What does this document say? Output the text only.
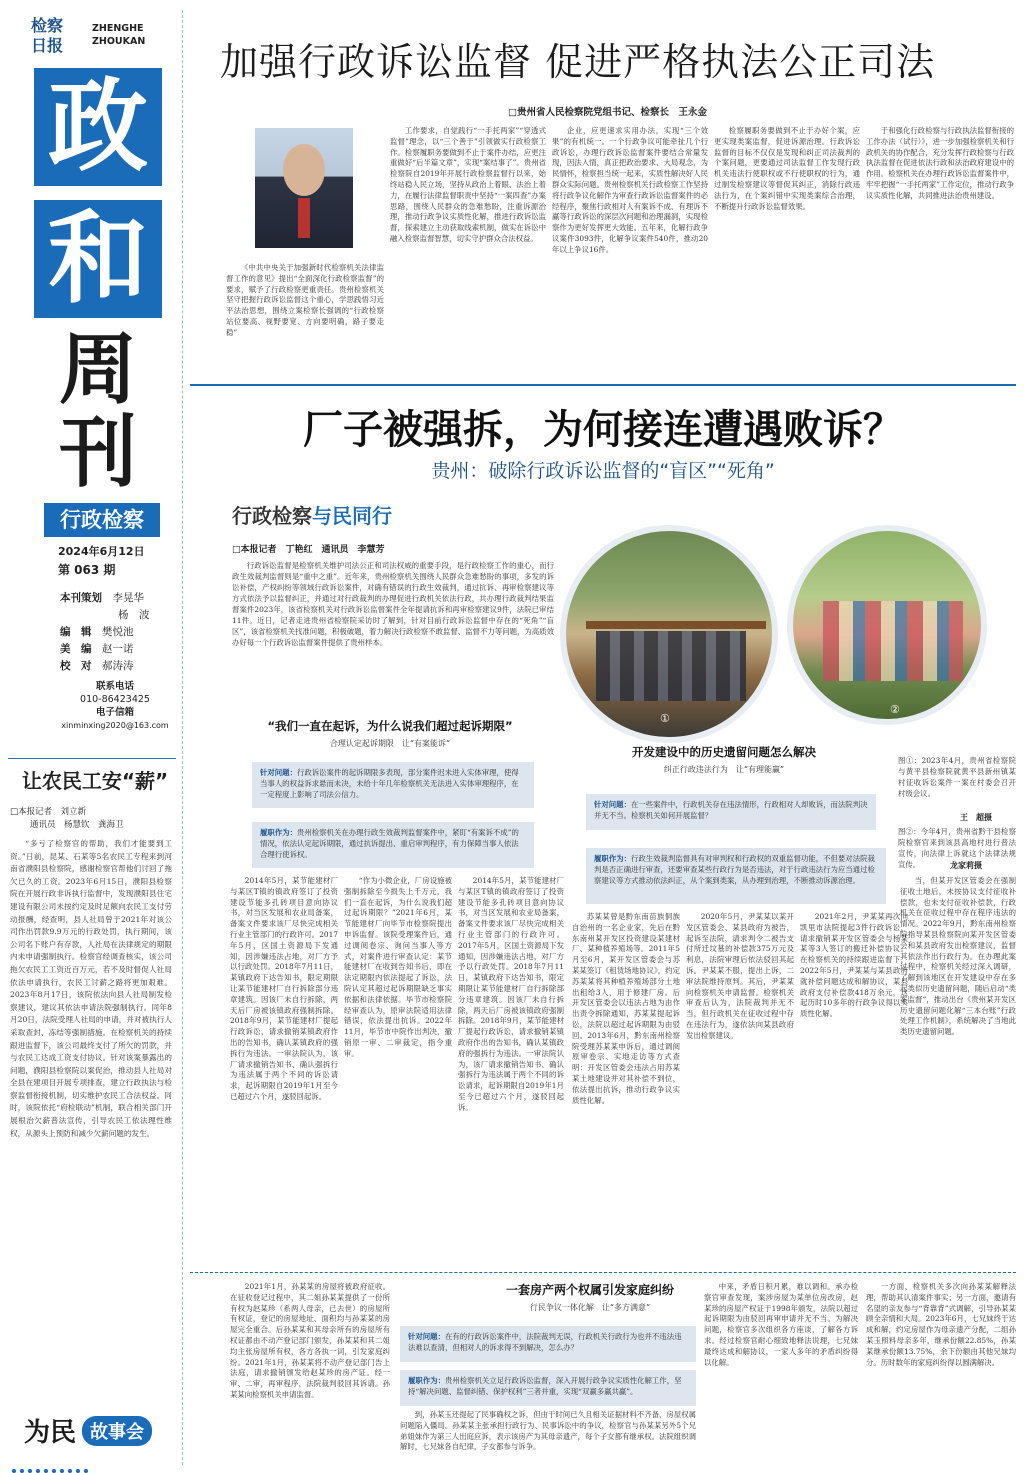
检察日报
ZHENGHE
ZHOUKAN
政
和
周
刊
行政检察
2024年6月12日
第 063 期
本刊策划　 李晃华
杨　波
编　辑　 樊悦池
美　编　 赵一诺
校　对　 郝涛涛
联系电话
010-86423425
电子信箱
xinminxing2020@163.com
让农民工安“薪”
□本报记者　刘立新
通讯员　杨慧钦　龚海卫

“多亏了检察官的帮助，我们才能要到工资。”日前，昆某、石某等5名农民工专程来到河南省濮阳县检察院，感谢检察官帮他们讨回了拖欠已久的工资。2023年6月15日，濮阳县检察院在开展行政非诉执行监督中，发现濮阳县住宅建设有限公司未按约定及时足额向农民工支付劳动报酬，经查明，县人社局曾于2021年对该公司作出罚款9.9万元的行政处罚，执行期间，该公司名下账户有存款，人社局在法律规定的期限内未申请强制执行。检察官经调查核实，该公司拖欠农民工工资近百万元，若不及时督促人社局依法申请执行，农民工讨薪之路将更加艰难。2023年8月17日，该院依法向县人社局制发检察建议，建议其依法申请法院强制执行。同年8月20日，法院受理人社局的申请，并对被执行人采取查封、冻结等强制措施。在检察机关的持续跟进监督下，该公司最终支付了所欠的罚款，并与农民工达成工资支付协议。针对该案暴露出的问题，濮阳县检察院以案促治，推动县人社局对全县在建项目开展专项排查，建立行政执法与检察监督衔接机制，切实维护农民工合法权益。同时，该院依托“府检联动”机制，联合相关部门开展根治欠薪普法宣传，引导农民工依法理性维权，从源头上预防和减少欠薪问题的发生。

为民 故事会
加强行政诉讼监督 促进严格执法公正司法
□贵州省人民检察院党组书记、检察长　王永金

《中共中央关于加强新时代检察机关法律监督工作的意见》提出“全面深化行政检察监督”的要求，赋予了行政检察更重责任。贵州检察机关坚守把握行政诉讼监督这个重心，学思践悟习近平法治思想，围绕立案检察长强调的“行政检察站位要高、视野要宽、方向要明确，路子要走稳”

工作要求，自觉践行“一手托两家”“穿透式监督”理念，以“三个善于”引领做实行政检察工作。检察履职务要做到不止于案件办结，应更注重做好“后半篇文章”，实现“案结事了”。贵州省检察院自2019年开展行政检察监督行以来，始终站稳人民立场，坚持从政治上着眼、法治上着力，在履行法律监督职责中坚持“一案四查”办案思路，围绕人民群众的急难愁盼，注重诉源治理，推动行政争议实质性化解，推进行政诉讼监督，探索建立主动获取线索机制，做实在诉讼中融入检察监督智慧，切实守护群众合法权益。

企业，应更速求实用办法，实现“三个效果”的有机统一。一个行政争议可能牵扯几个行政诉讼，办理行政诉讼监督案件要结合常量发现，因法入情，真正把政治要求、大局观念，为民情怀，检察担当统一起来，实质性解决好人民群众实际问题。贵州检察机关行政检察工作坚持将行政争议化解作为审查行政诉讼监督案件的必经程序，聚焦行政相对人有案诉不成、有理诉不赢等行政诉讼的深层次问题和治理漏洞，实现检察作为更好发挥更大效能。五年来，化解行政争议案件3093件，化解争议案件540件，推动20年以上争议16件。

检察履职务要做到不止于办好个案，应更实现类案监督，促进诉源治理。行政诉讼监督的目标不仅仅是发现和纠正司法裁判的个案问题，更要通过司法监督工作发现行政机关违法行使职权或不行使职权的行为，通过制发检察建议等督促其纠正，消除行政违法行为，在个案纠错中实现类案综合治理，不断提升行政诉讼监督效果。

于和强化行政检察与行政执法监督衔接的工作办法（试行）》，进一步加强检察机关和行政机关的协作配合，充分发挥行政检察与行政执法监督在促进依法行政和法治政府建设中的作用。检察机关在办理行政诉讼监督案件中，牢牢把握“一手托两家”工作定位，推动行政争议实质性化解，共同推进法治贵州建设。

厂子被强拆，为何接连遭遇败诉？
贵州：破除行政诉讼监督的“盲区”“死角”
行政检察与民同行
□本报记者　丁艳红　通讯员　李慧芳

行政诉讼监督是检察机关维护司法公正和司法权威的重要手段，是行政检察工作的重心，而行政生效裁判监督则是“重中之重”。近年来，贵州检察机关围绕人民群众急难愁盼的事项，多发的诉讼补偿，产权纠纷等领域行政诉讼案件，对确有错误的行政生效裁判，通过抗诉、再审检察建议等方式依法予以监督纠正，并通过对行政裁判的办理促进行政机关依法行政，共办理行政裁判结果监督案件2023年，该省检察机关对行政诉讼监督案件全年提请抗诉和再审检察建议9件，法院已审结11件。近日，记者走进贵州省检察院采访时了解到，针对目前行政诉讼监督中存在的“死角”“盲区”，该省检察机关找准问题，积极破题，着力解决行政检察不敢监督、监督不力等问题，为高质效办好每一个行政诉讼监督案件提供了贵州样本。

①
②
图①：2023年4月，贵州省检察院与黄平县检察院就黄平县新州镇某村征收诉讼案件一案在村委会召开村级会议。
王　超摄
图②：今年4月，贵州省黔干县检察院检察官来到该县高地村进行普法宣传，向法律上诉就这个法律法规宣传。	龙家莉摄
“我们一直在起诉，为什么说我们超过起诉期限”
合理认定起诉期限　让“有案能诉”
针对问题：行政诉讼案件的起诉期限多表现，部分案件迟未进入实体审理，使得当事人的权益诉求悬而未决，未给十年几年检察机关无法进入实体审理程序，在一定程度上影响了司法公信力。
履职作为：贵州检察机关在办理行政生效裁判监督案件中，紧盯“有案诉不成”的情况，依法认定起诉期限，通过抗诉提出、重启审判程序，有力保障当事人依法合理行使诉权。

2014年5月，某节能建材厂与某区T镇的镇政府签订了投资建设节能多孔砖项目意向协议书，对当区发展和农业局备案，备案文件要求该厂尽快完成相关行业主管部门的行政许可。2017年5月，区国土资源局下发通知，因涉嫌违法占地，对厂方予以行政处罚。2018年7月11日，某镇政府下达告知书，限定期限让某节能建材厂自行拆除部分违章建筑。因该厂未自行拆除，两天后厂房被该镇政府强制拆除。2018年9月，某节能建材厂提起行政诉讼，请求撤销某镇政府作出的告知书，确认某镇政府的强拆行为违法。一审法院认为，该厂请求撤销告知书、确认强拆行为违法属于两个不同的诉讼请求，起诉期限自2019年1月至今已超过六个月，遂驳回起诉。

“作为小微企业，厂房设施被强制拆除至今损失上千万元，我们一直在起诉，为什么说我们超过起诉期限？”2021年6月，某节能建材厂向毕节市检察院提出申诉监督。该院受理案件后，通过调阅卷宗、询问当事人等方式，对案件进行审查认定：某节能建材厂在收到告知书后，即在法定期限内依法提起了诉讼，法院认定其超过起诉期限缺乏事实依据和法律依据。毕节市检察院经审查认为，原审法院适用法律错误，依法提出抗诉。2022年11月，毕节市中院作出判决，撤销原一审、二审裁定，指令重审。

2014年5月，某节能建材厂与某区T镇的镇政府签订了投资建设节能多孔砖项目意向协议书，对当区发展和农业局备案，备案文件要求该厂尽快完成相关行业主管部门的行政许可。2017年5月，区国土资源局下发通知，因涉嫌违法占地，对厂方予以行政处罚。2018年7月11日，某镇政府下达告知书，限定期限让某节能建材厂自行拆除部分违章建筑。因该厂未自行拆除，两天后厂房被该镇政府强制拆除。2018年9月，某节能建材厂提起行政诉讼，请求撤销某镇政府作出的告知书，确认某镇政府的强拆行为违法。一审法院认为，该厂请求撤销告知书、确认强拆行为违法属于两个不同的诉讼请求，起诉期限自2019年1月至今已超过六个月，遂驳回起诉。

开发建设中的历史遗留问题怎么解决
纠正行政违法行为　让“有理能赢”
针对问题：在一些案件中，行政机关存在违法情形，行政相对人却败诉，而法院判决并无不当。检察机关如何开展监督？
履职作为：行政生效裁判监督具有对审判权和行政权的双重监督功能，不但要对法院裁判是否正确进行审查，还要审查某些行政行为是否违法，对于行政违法行为应当通过检察建议等方式推动依法纠正，从个案到类案，从办理到治理，不断推动诉源治理。

苏某某曾是黔东南苗族侗族自治州的一名企业家，先后在黔东南州某开发区投资建设某建材厂、某种植养殖场等。2011年5月至6月，某开发区管委会与苏某某签订《租赁场地协议》，约定苏某某将其种植养殖场部分土地出租给3人，用于修建厂房。后开发区管委会以违法占地为由作出责令拆除通知，苏某某提起诉讼，法院以超过起诉期限为由驳回。2013年6月，黔东南州检察院受理苏某某申诉后，通过调阅原审卷宗、实地走访等方式查明：开发区管委会违法占用苏某某土地建设并对其补偿不到位，依法提出抗诉，推动行政争议实质性化解。

2020年5月，尹某某以某开发区管委会、某县政府为被告，起诉至法院，请求判令二被告支付所迁坟墓的补偿款375万元及利息，法院审理后依法驳回其起诉。尹某某不服，提出上诉，二审法院维持原判。其后，尹某某向检察机关申请监督。检察机关审查后认为，法院裁判并无不当，但行政机关在征收过程中存在违法行为，遂依法向某县政府发出检察建议。

2021年2月，尹某某再次向凯里市法院提起3件行政诉讼，请求撤销某开发区管委会与杨某某等3人签订的搬迁补偿协议。在检察机关的持续跟进监督下，2022年5月，尹某某与某县政府就补偿问题达成和解协议，某县政府支付补偿款418万余元，这起历时10多年的行政争议得以实质性化解。

当，但某开发区管委会在强制征收土地后，未按协议支付征收补偿款，也未支付征收补偿款，行政机关在征收过程中存在程序违法的情况。2022年9月，黔东南州检察院指导某县检察院向某开发区管委会和某县政府发出检察建议，监督其依法作出行政行为。在办理此案过程中，检察机关经过深入调研，了解到该地区在开发建设中存在多起类似历史遗留问题，随后启动“类案监督”，推动出台《贵州某开发区历史遗留问题化解“三本台账”行政处理工作机制》，系统解决了当地此类历史遗留问题。

一套房产两个权属引发家庭纠纷
行民争议一体化解　让“多方满意”
针对问题：在有的行政诉讼案件中，法院裁判无误，行政机关行政行为也并不违法违法难以查清，但相对人的诉求得不到解决，怎么办？
履职作为：贵州检察机关立足行政诉讼监督，深入开展行政争议实质性化解工作，坚持“解决问题、监督纠错、保护权利”三者并重，实现“双赢多赢共赢”。

2021年1月，孙某某的房屋将被政府征收。在征收登记过程中，其二姐孙某某提供了一份所有权为赵某珍（系两人母亲，已去世）的房屋所有权证，登记的房屋地址、面积均与孙某某的房屋完全重合。后孙某某和其母亲所有的房屋所有权证都由不动产登记部门颁发，孙某某和其二姐均主张房屋所有权，各方各执一词，引发家庭纠纷。2021年1月，孙某某将不动产登记部门告上法庭，请求撤销颁发给赵某珍的房产证。经一审、二审，再审程序，法院裁判驳回其诉请。孙某某向检察机关申请监督。

到，孙某玉还提起了民事确权之诉，但由于时间已久且相关证据材料不齐备，房屋权属问题陷入僵局。孙某某主张承担行政行为、民事诉讼中的争议，检察官与孙某某另外5个兄弟姐妹作为第三人出庭应诉，表示该房产为其母亲遗产，每个子女都有继承权。法院组织调解时，七兄妹各自纪律，子女都参与诉争。

中来，矛盾日积月累，难以调和。承办检察官审查发现，案涉房屋为某单位房改房，赵某珍的房屋产权证于1998年颁发，法院以超过起诉期限为由驳回再审申请并无不当。为解决问题，检察官多次组织各方座谈，了解各方诉求。经过检察官耐心细致地释法说理，七兄妹最终达成和解协议，一家人多年的矛盾纠纷得以化解。

一方面，检察机关多次向孙某某解释法理，帮助其认清案件事实；另一方面，邀请有名望的亲友参与“背靠背”式调解，引导孙某某顾全亲情和大局。2023年6月，七兄妹终于达成和解，约定房屋作为母亲遗产分配，二组孙某玉照料母亲多年，继承份额22.85%，孙某某继承份额13.75%，余下份额由其他兄妹均分。历时数年的家庭纠纷得以圆满解决。
